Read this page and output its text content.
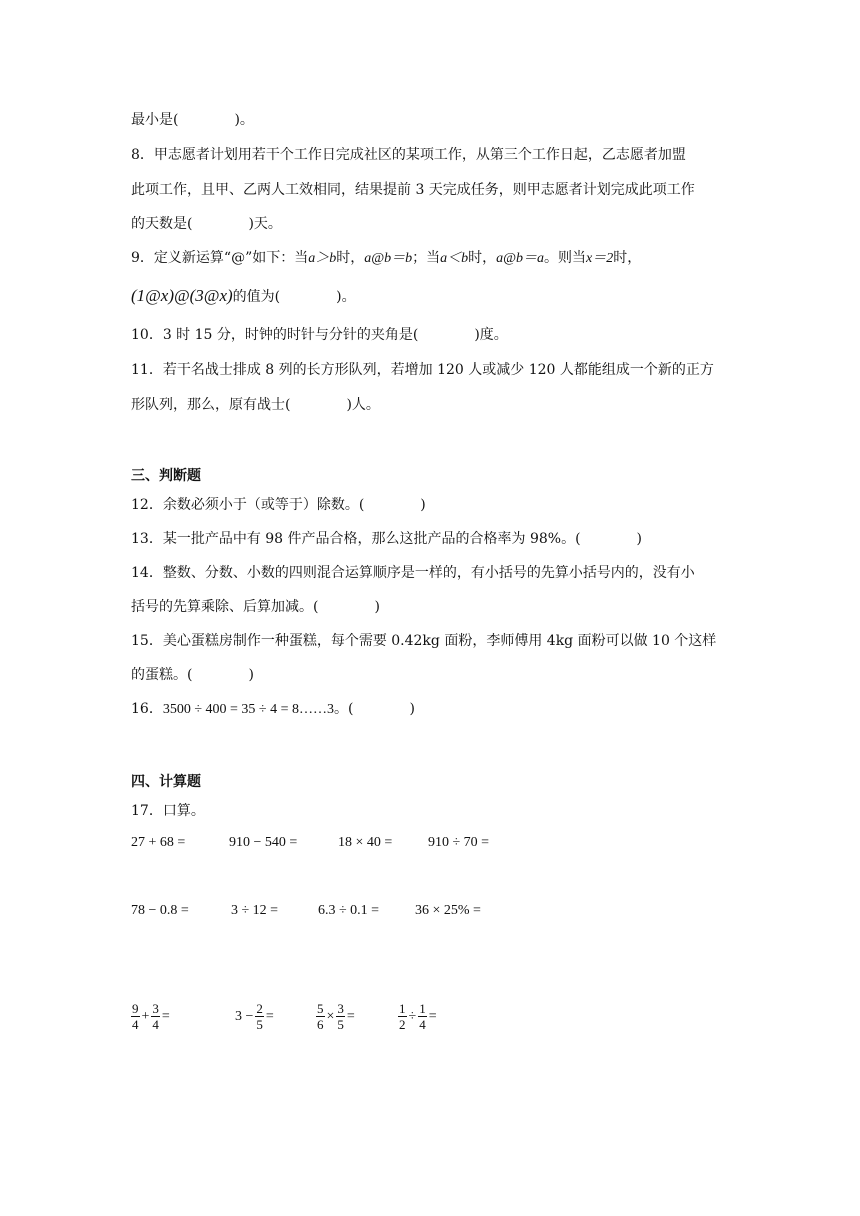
最小是(　　　　)。
8．甲志愿者计划用若干个工作日完成社区的某项工作，从第三个工作日起，乙志愿者加盟
此项工作，且甲、乙两人工效相同，结果提前 3 天完成任务，则甲志愿者计划完成此项工作
的天数是(　　　　)天。
9．定义新运算“@”如下：当a＞b时，a@b＝b；当a＜b时，a@b＝a。则当x＝2时，
(1@x)@(3@x)的值为(　　　　)。
10．3 时 15 分，时钟的时针与分针的夹角是(　　　　)度。
11．若干名战士排成 8 列的长方形队列，若增加 120 人或减少 120 人都能组成一个新的正方
形队列，那么，原有战士(　　　　)人。
三、判断题
12．余数必须小于（或等于）除数。(　　　　)
13．某一批产品中有 98 件产品合格，那么这批产品的合格率为 98%。(　　　　)
14．整数、分数、小数的四则混合运算顺序是一样的，有小括号的先算小括号内的，没有小
括号的先算乘除、后算加减。(　　　　)
15．美心蛋糕房制作一种蛋糕，每个需要 0.42kg 面粉，李师傅用 4kg 面粉可以做 10 个这样
的蛋糕。(　　　　)
16．3500 ÷ 400 = 35 ÷ 4 = 8……3。(　　　　)
四、计算题
17．口算。
27 + 68 =	910 − 540 =	18 × 40 =	910 ÷ 70 =
78 − 0.8 =	3 ÷ 12 =	6.3 ÷ 0.1 =	36 × 25% =
$\frac{9}{4} + \frac{3}{4}$ =	$3 - \frac{2}{5}$ =	$\frac{5}{6} \times \frac{3}{5}$ =	$\frac{1}{2} \div \frac{1}{4}$ =
